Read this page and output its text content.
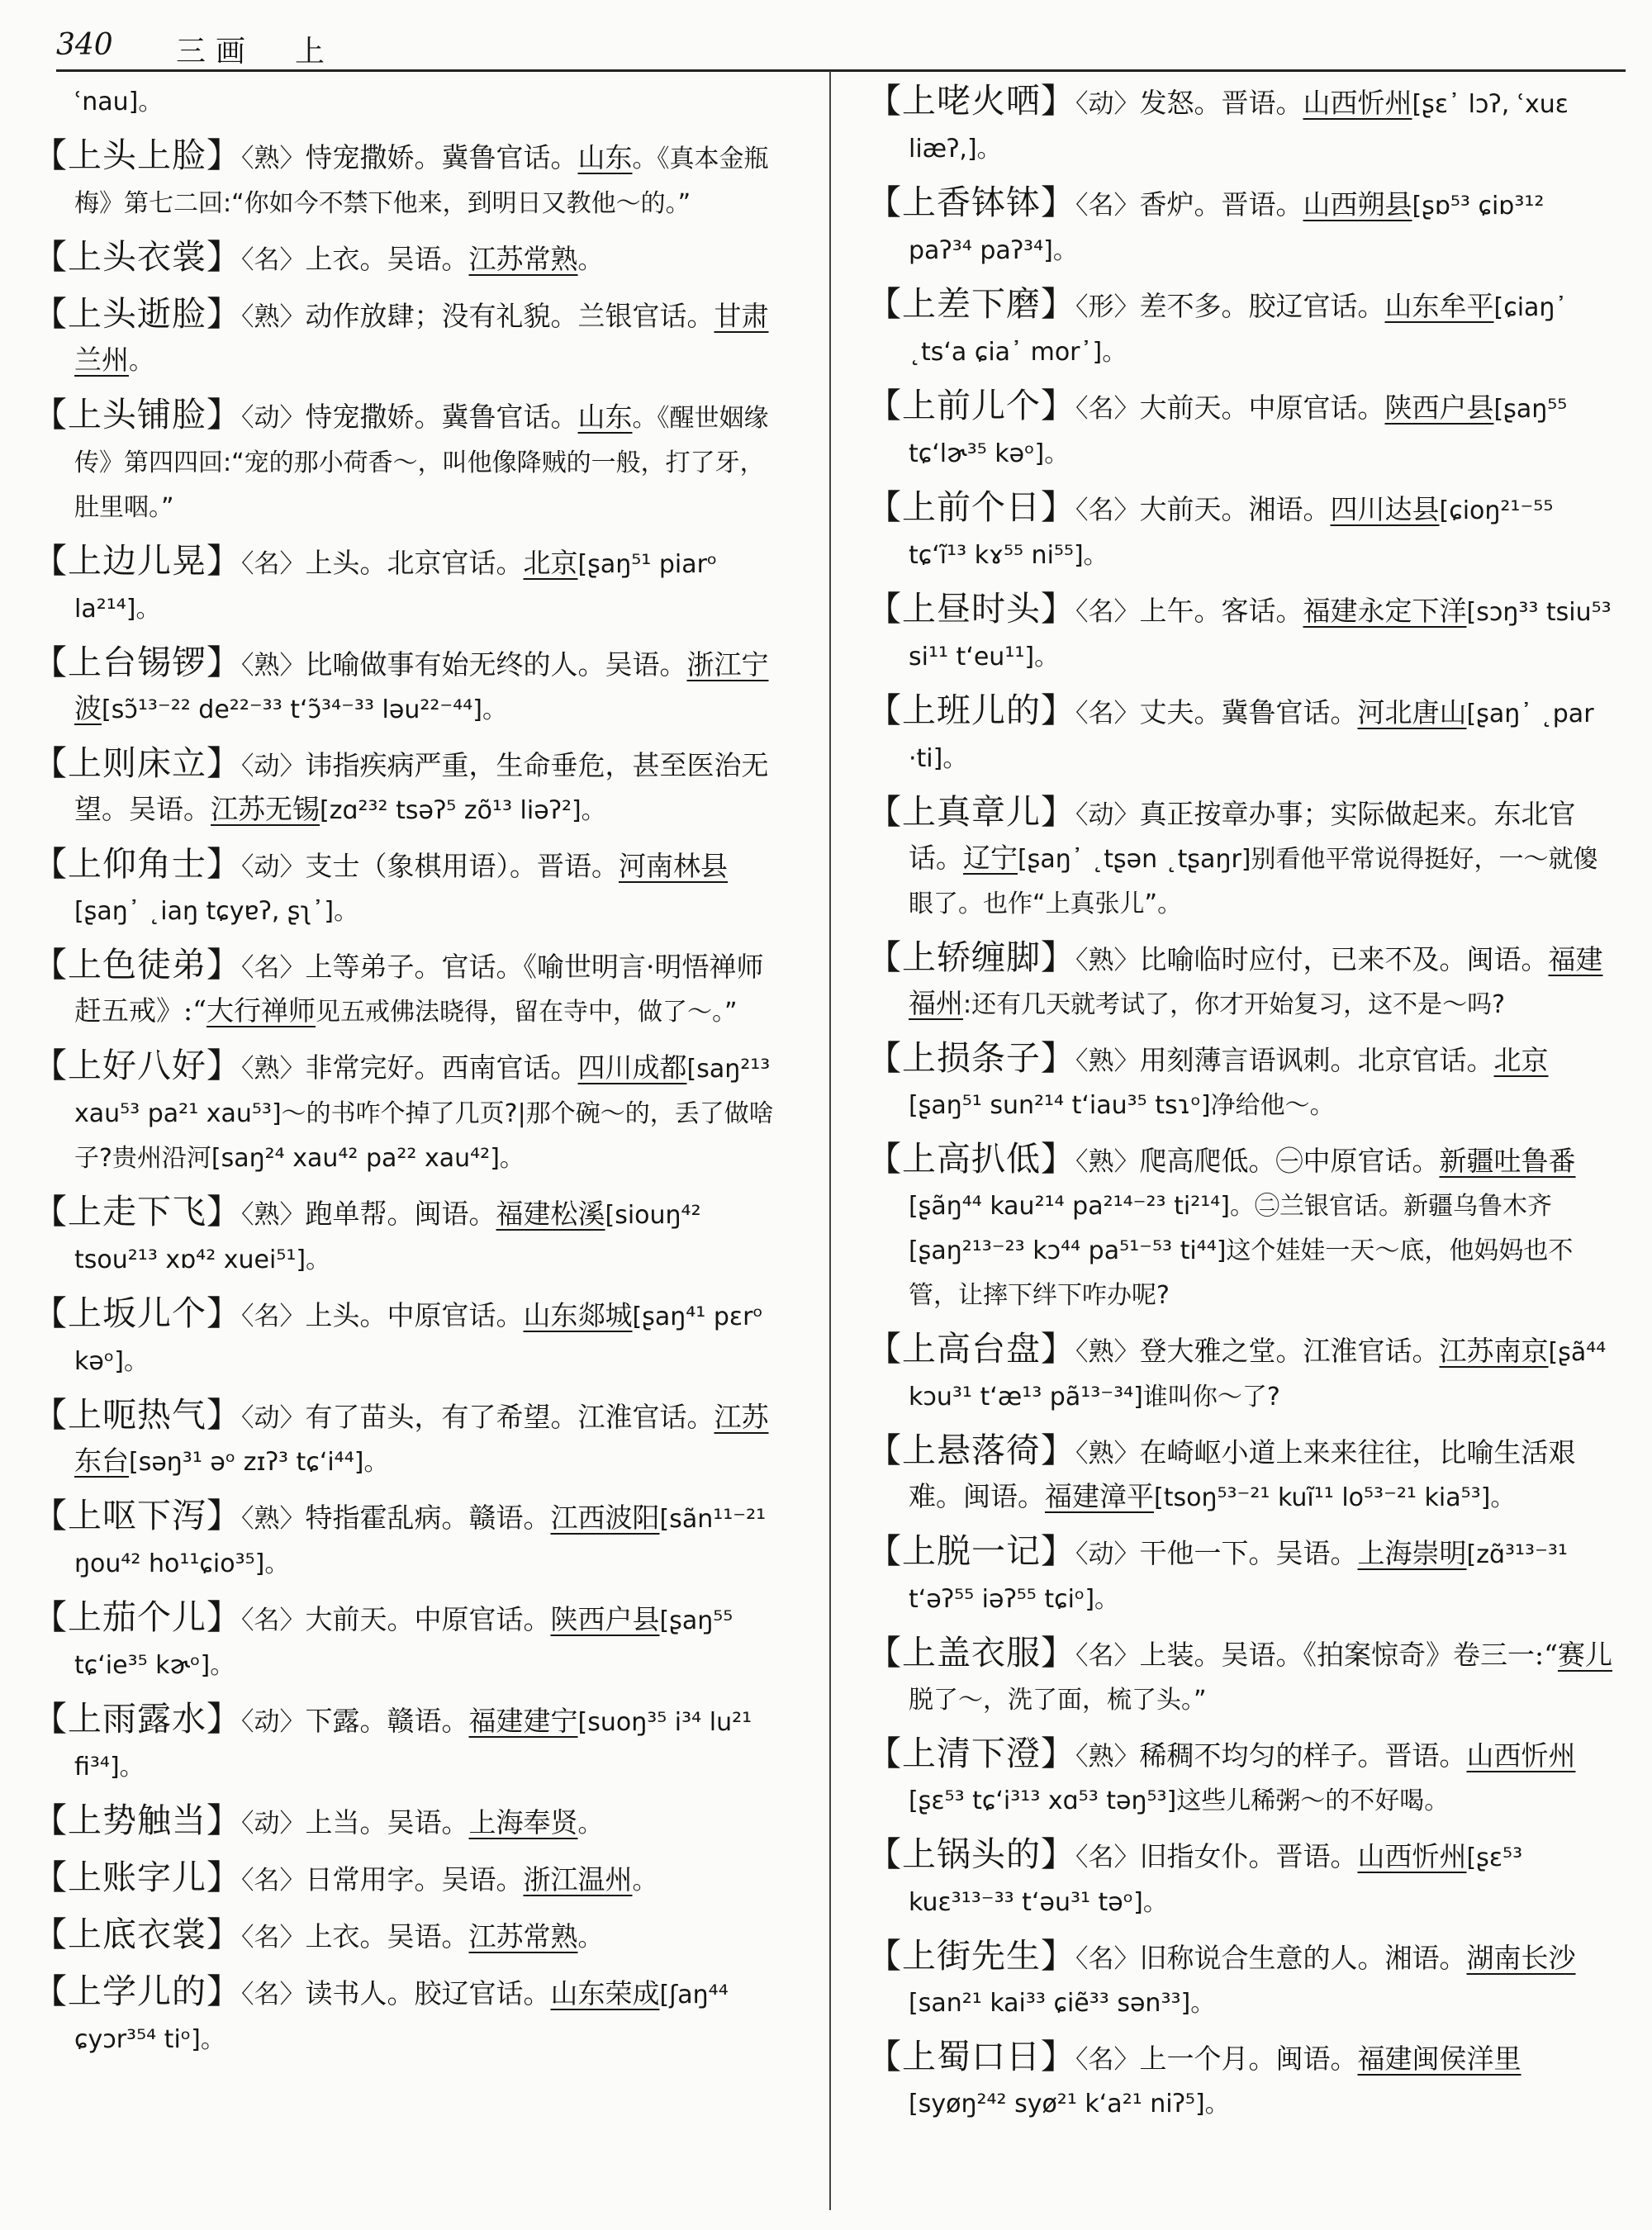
340 三画　上
ʿnau]。
【上头上脸】〈熟〉恃宠撒娇。冀鲁官话。山东。《真本金瓶梅》第七二回:“你如今不禁下他来，到明日又教他～的。”
【上头衣裳】〈名〉上衣。吴语。江苏常熟。
【上头逝脸】〈熟〉动作放肆；没有礼貌。兰银官话。甘肃兰州。
【上头铺脸】〈动〉恃宠撒娇。冀鲁官话。山东。《醒世姻缘传》第四四回:“宠的那小荷香～，叫他像降贼的一般，打了牙，肚里咽。”
【上边儿晃】〈名〉上头。北京官话。北京[ʂaŋ⁵¹ piarᵒ la²¹⁴]。
【上台锡锣】〈熟〉比喻做事有始无终的人。吴语。浙江宁波[sɔ̃¹³⁻²² de²²⁻³³ t‘ɔ̃³⁴⁻³³ ləu²²⁻⁴⁴]。
【上则床立】〈动〉讳指疾病严重，生命垂危，甚至医治无望。吴语。江苏无锡[zɑ²³² tsəʔ⁵ zõ¹³ liəʔ²]。
【上仰角士】〈动〉支士（象棋用语）。晋语。河南林县[ʂaŋ᾽ ˛iaŋ tɕyɐʔ, ʂʅ᾽]。
【上色徒弟】〈名〉上等弟子。官话。《喻世明言·明悟禅师赶五戒》:“大行禅师见五戒佛法晓得，留在寺中，做了～。”
【上好八好】〈熟〉非常完好。西南官话。四川成都[saŋ²¹³ xau⁵³ pa²¹ xau⁵³]～的书咋个掉了几页?|那个碗～的，丢了做啥子?贵州沿河[saŋ²⁴ xau⁴² pa²² xau⁴²]。
【上走下飞】〈熟〉跑单帮。闽语。福建松溪[siouŋ⁴² tsou²¹³ xɒ⁴² xuei⁵¹]。
【上坂儿个】〈名〉上头。中原官话。山东郯城[ʂaŋ⁴¹ pɛrᵒ kəᵒ]。
【上呃热气】〈动〉有了苗头，有了希望。江淮官话。江苏东台[səŋ³¹ əᵒ zɪʔ³ tɕ‘i⁴⁴]。
【上呕下泻】〈熟〉特指霍乱病。赣语。江西波阳[sãn¹¹⁻²¹ ŋou⁴² ho¹¹ɕio³⁵]。
【上茄个儿】〈名〉大前天。中原官话。陕西户县[ʂaŋ⁵⁵ tɕ‘ie³⁵ kɚᵒ]。
【上雨露水】〈动〉下露。赣语。福建建宁[suoŋ³⁵ i³⁴ lu²¹ fi³⁴]。
【上势触当】〈动〉上当。吴语。上海奉贤。
【上账字儿】〈名〉日常用字。吴语。浙江温州。
【上底衣裳】〈名〉上衣。吴语。江苏常熟。
【上学儿的】〈名〉读书人。胶辽官话。山东荣成[ʃaŋ⁴⁴ ɕyɔr³⁵⁴ tiᵒ]。
【上咾火哂】〈动〉发怒。晋语。山西忻州[ʂɛ᾽ lɔʔ, ʿxuɛ liæʔ,]。
【上香钵钵】〈名〉香炉。晋语。山西朔县[ʂɒ⁵³ ɕiɒ³¹² paʔ³⁴ paʔ³⁴]。
【上差下磨】〈形〉差不多。胶辽官话。山东牟平[ɕiaŋ᾽ ˛ts‘a ɕia᾽ mor᾽]。
【上前儿个】〈名〉大前天。中原官话。陕西户县[ʂaŋ⁵⁵ tɕ‘lɚ³⁵ kəᵒ]。
【上前个日】〈名〉大前天。湘语。四川达县[ɕioŋ²¹⁻⁵⁵ tɕ‘ĩ¹³ kɤ⁵⁵ ni⁵⁵]。
【上昼时头】〈名〉上午。客话。福建永定下洋[sɔŋ³³ tsiu⁵³ si¹¹ t‘eu¹¹]。
【上班儿的】〈名〉丈夫。冀鲁官话。河北唐山[ʂaŋ᾽ ˛par ·ti]。
【上真章儿】〈动〉真正按章办事；实际做起来。东北官话。辽宁[ʂaŋ᾽ ˛tʂən ˛tʂaŋr]别看他平常说得挺好，一～就傻眼了。也作“上真张儿”。
【上轿缠脚】〈熟〉比喻临时应付，已来不及。闽语。福建福州:还有几天就考试了，你才开始复习，这不是～吗?
【上损条子】〈熟〉用刻薄言语讽刺。北京官话。北京[ʂaŋ⁵¹ sun²¹⁴ t‘iau³⁵ tsɿᵒ]净给他～。
【上高扒低】〈熟〉爬高爬低。㊀中原官话。新疆吐鲁番[ʂãŋ⁴⁴ kau²¹⁴ pa²¹⁴⁻²³ ti²¹⁴]。㊁兰银官话。新疆乌鲁木齐[ʂaŋ²¹³⁻²³ kɔ⁴⁴ pa⁵¹⁻⁵³ ti⁴⁴]这个娃娃一天～底，他妈妈也不管，让摔下绊下咋办呢?
【上高台盘】〈熟〉登大雅之堂。江淮官话。江苏南京[ʂã⁴⁴ kɔu³¹ t‘æ¹³ pã¹³⁻³⁴]谁叫你～了?
【上悬落徛】〈熟〉在崎岖小道上来来往往，比喻生活艰难。闽语。福建漳平[tsoŋ⁵³⁻²¹ kuĩ¹¹ lo⁵³⁻²¹ kia⁵³]。
【上脱一记】〈动〉干他一下。吴语。上海崇明[zɑ̃³¹³⁻³¹ t‘əʔ⁵⁵ iəʔ⁵⁵ tɕiᵒ]。
【上盖衣服】〈名〉上装。吴语。《拍案惊奇》卷三一:“赛儿脱了～，洗了面，梳了头。”
【上清下澄】〈熟〉稀稠不均匀的样子。晋语。山西忻州[ʂɛ⁵³ tɕ‘i³¹³ xɑ⁵³ təŋ⁵³]这些儿稀粥～的不好喝。
【上锅头的】〈名〉旧指女仆。晋语。山西忻州[ʂɛ⁵³ kuɛ³¹³⁻³³ t‘əu³¹ təᵒ]。
【上街先生】〈名〉旧称说合生意的人。湘语。湖南长沙[san²¹ kai³³ ɕiẽ³³ sən³³]。
【上蜀口日】〈名〉上一个月。闽语。福建闽侯洋里[syøŋ²⁴² syø²¹ k‘a²¹ niʔ⁵]。
